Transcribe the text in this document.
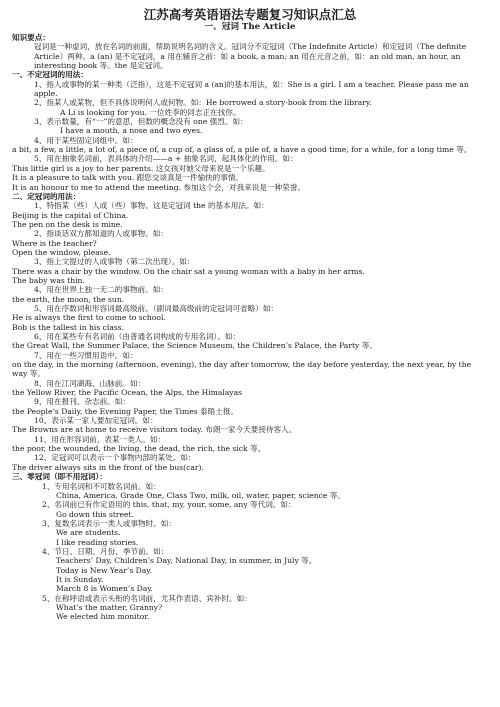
江苏高考英语语法专题复习知识点汇总
一、冠词 The Article
知识要点：
冠词是一种虚词，放在名词的前面，帮助说明名词的含义。冠词分不定冠词（The Indefinite Article）和定冠词（The definite Article）两种。a (an) 是不定冠词，a 用在辅音之前：如 a book, a man; an 用在元音之前，如：an old man, an hour, an interesting book 等。the 是定冠词。
一、不定冠词的用法：
1、指人或事物的某一种类（泛指），这是不定冠词 a (an)的基本用法，如：She is a girl. I am a teacher. Please pass me an apple.
2、指某人或某物，但不具体说明何人或何物。如：He borrowed a story-book from the library.
A Li is looking for you. 一位姓李的同志正在找你。
3、表示数量，有“一”的意思，但数的概念没有 one 强烈。如：
I have a mouth, a nose and two eyes.
4、用于某些固定词组中。如：
a bit, a few, a little, a lot of, a piece of, a cup of, a glass of, a pile of, a have a good time, for a while, for a long time 等。
5、用在抽象名词前，表具体的介绍——a + 抽象名词，起具体化的作用。如：
This little girl is a joy to her parents. 这女孩对她父母来说是一个乐趣。
It is a pleasure to talk with you. 跟您交谈真是一件愉快的事情。
It is an honour to me to attend the meeting. 参加这个会，对我来说是一种荣誉。
二、定冠词的用法：
1、特指某（些）人或（些）事物。这是定冠词 the 的基本用法。如：
Beijing is the capital of China.
The pen on the desk is mine.
2、指谈话双方都知道的人或事物。如：
Where is the teacher?
Open the window, please.
3、指上文提过的人或事物（第二次出现）。如：
There was a chair by the window. On the chair sat a young woman with a baby in her arms.
The baby was thin.
4、用在世界上独一无二的事物前。如：
the earth, the moon, the sun.
5、用在序数词和形容词最高级前。（副词最高级前的定冠词可省略）如：
He is always the first to come to school.
Bob is the tallest in his class.
6、用在某些专有名词前（由普通名词构成的专用名词）。如：
the Great Wall, the Summer Palace, the Science Museum, the Children’s Palace, the Party 等。
7、用在一些习惯用语中。如：
on the day, in the morning (afternoon, evening), the day after tomorrow, the day before yesterday, the next year, by the way 等。
8、用在江河湖海、山脉前。如：
the Yellow River, the Pacific Ocean, the Alps, the Himalayas
9、用在报刊、杂志前。如：
the People’s Daily, the Evening Paper, the Times 泰晤士报。
10、表示某一家人要加定冠词。如：
The Browns are at home to receive visitors today. 布朗一家今天要接待客人。
11、用在形容词前，表某一类人。如：
the poor, the wounded, the living, the dead, the rich, the sick 等。
12、定冠词可以表示一个事物内部的某处。如：
The driver always sits in the front of the bus(car).
三、零冠词（即不用冠词）：
1、专用名词和不可数名词前。如：
China, America, Grade One, Class Two, milk, oil, water, paper, science 等。
2、名词前已有作定语用的 this, that, my, your, some, any 等代词。如：
Go down this street.
3、复数名词表示一类人或事物时。如：
We are students.
I like reading stories.
4、节日、日期、月份、季节前。如：
Teachers’ Day, Children’s Day, National Day, in summer, in July 等。
Today is New Year’s Day.
It is Sunday.
March 8 is Women’s Day.
5、在称呼语或表示头衔的名词前，尤其作表语、宾补时。如：
What’s the matter, Granny?
We elected him monitor.
